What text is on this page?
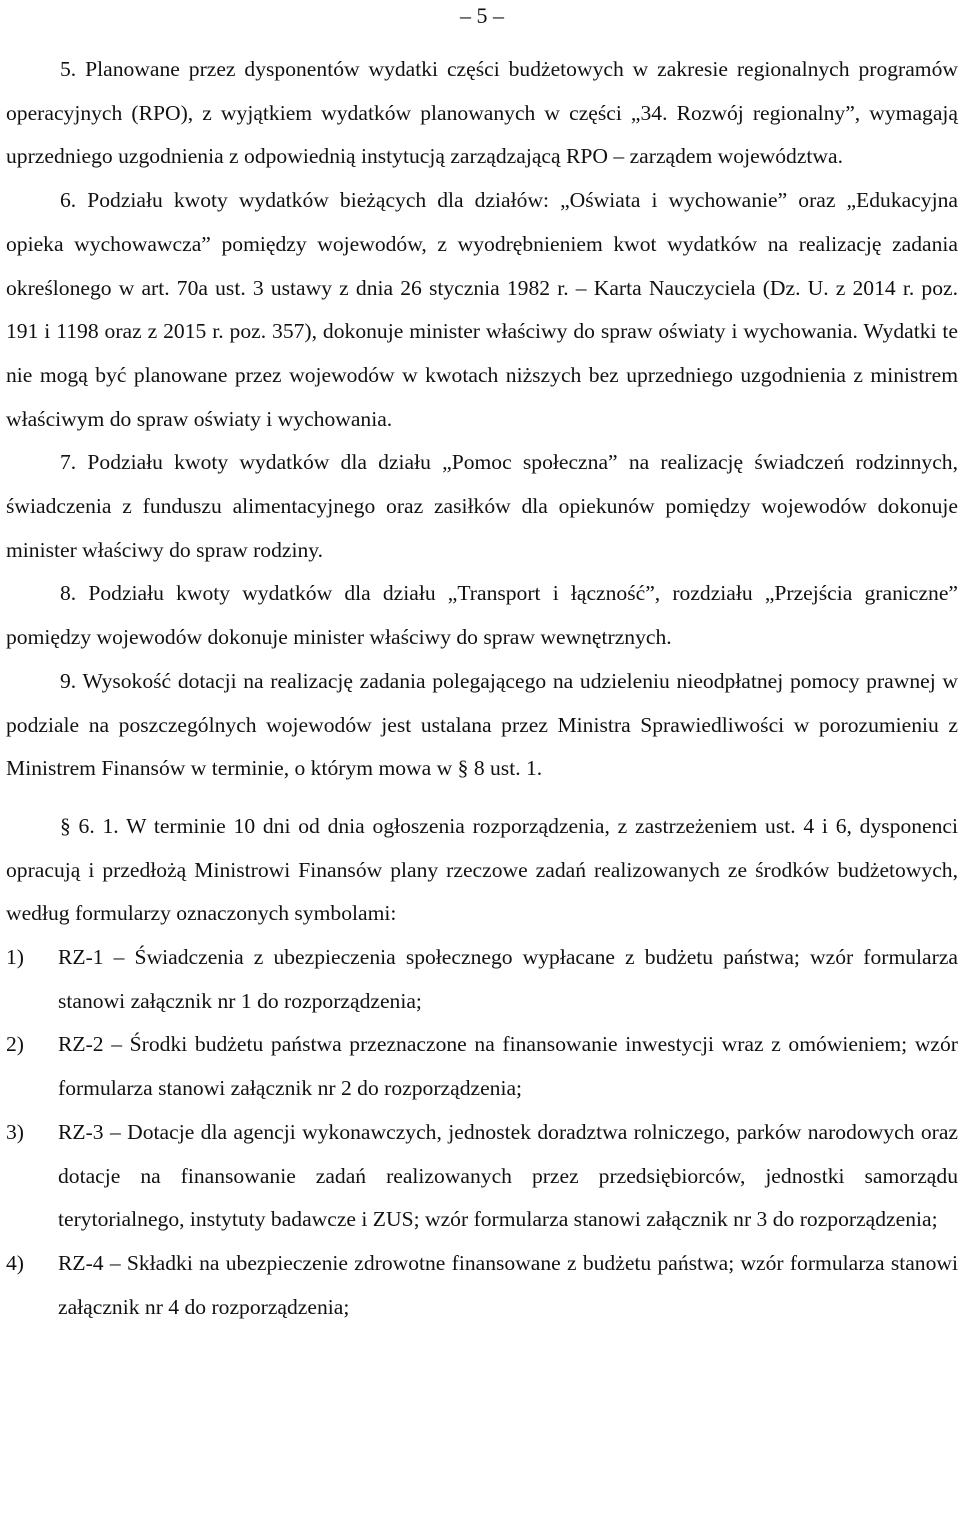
– 5 –

5. Planowane przez dysponentów wydatki części budżetowych w zakresie regionalnych programów operacyjnych (RPO), z wyjątkiem wydatków planowanych w części „34. Rozwój regionalny”, wymagają uprzedniego uzgodnienia z odpowiednią instytucją zarządzającą RPO – zarządem województwa.

6. Podziału kwoty wydatków bieżących dla działów: „Oświata i wychowanie” oraz „Edukacyjna opieka wychowawcza” pomiędzy wojewodów, z wyodrębnieniem kwot wydatków na realizację zadania określonego w art. 70a ust. 3 ustawy z dnia 26 stycznia 1982 r. – Karta Nauczyciela (Dz. U. z 2014 r. poz. 191 i 1198 oraz z 2015 r. poz. 357), dokonuje minister właściwy do spraw oświaty i wychowania. Wydatki te nie mogą być planowane przez wojewodów w kwotach niższych bez uprzedniego uzgodnienia z ministrem właściwym do spraw oświaty i wychowania.

7. Podziału kwoty wydatków dla działu „Pomoc społeczna” na realizację świadczeń rodzinnych, świadczenia z funduszu alimentacyjnego oraz zasiłków dla opiekunów pomiędzy wojewodów dokonuje minister właściwy do spraw rodziny.

8. Podziału kwoty wydatków dla działu „Transport i łączność”, rozdziału „Przejścia graniczne” pomiędzy wojewodów dokonuje minister właściwy do spraw wewnętrznych.

9. Wysokość dotacji na realizację zadania polegającego na udzieleniu nieodpłatnej pomocy prawnej w podziale na poszczególnych wojewodów jest ustalana przez Ministra Sprawiedliwości w porozumieniu z Ministrem Finansów w terminie, o którym mowa w § 8 ust. 1.

§ 6. 1. W terminie 10 dni od dnia ogłoszenia rozporządzenia, z zastrzeżeniem ust. 4 i 6, dysponenci opracują i przedłożą Ministrowi Finansów plany rzeczowe zadań realizowanych ze środków budżetowych, według formularzy oznaczonych symbolami:

1)	RZ-1 – Świadczenia z ubezpieczenia społecznego wypłacane z budżetu państwa; wzór formularza stanowi załącznik nr 1 do rozporządzenia;
2)	RZ-2 – Środki budżetu państwa przeznaczone na finansowanie inwestycji wraz z omówieniem; wzór formularza stanowi załącznik nr 2 do rozporządzenia;
3)	RZ-3 – Dotacje dla agencji wykonawczych, jednostek doradztwa rolniczego, parków narodowych oraz dotacje na finansowanie zadań realizowanych przez przedsiębiorców, jednostki samorządu terytorialnego, instytuty badawcze i ZUS; wzór formularza stanowi załącznik nr 3 do rozporządzenia;
4)	RZ-4 – Składki na ubezpieczenie zdrowotne finansowane z budżetu państwa; wzór formularza stanowi załącznik nr 4 do rozporządzenia;
